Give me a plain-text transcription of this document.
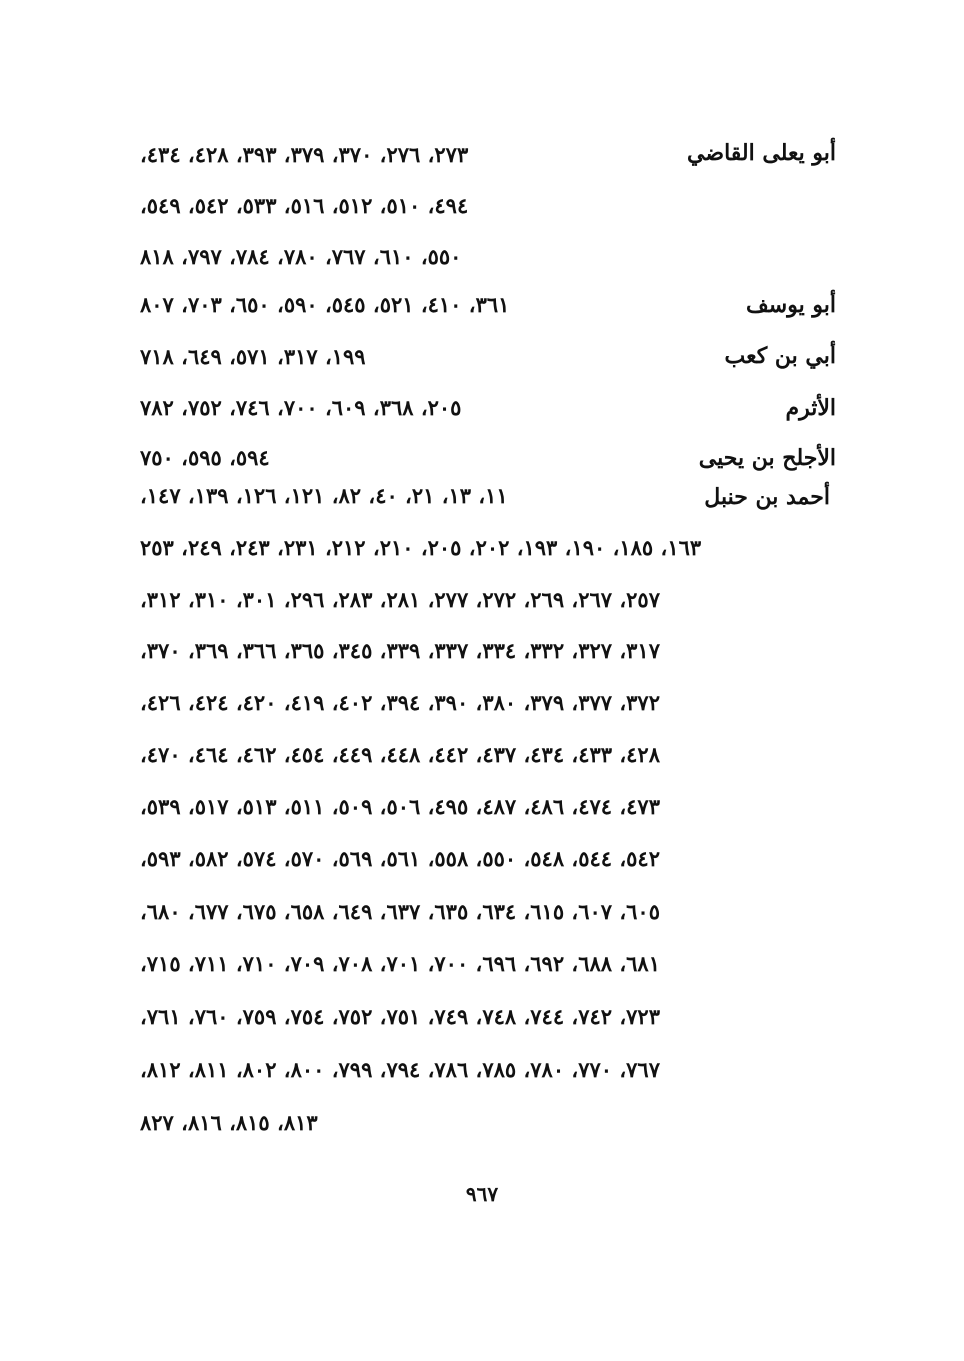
أبو يعلى القاضي
٢٧٣، ٢٧٦، ٣٧٠، ٣٧٩، ٣٩٣، ٤٢٨، ٤٣٤،
٤٩٤، ٥١٠، ٥١٢، ٥١٦، ٥٣٣، ٥٤٢، ٥٤٩،
٥٥٠، ٦١٠، ٧٦٧، ٧٨٠، ٧٨٤، ٧٩٧، ٨١٨
أبو يوسف
٣٦١، ٤١٠، ٥٢١، ٥٤٥، ٥٩٠، ٦٥٠، ٧٠٣، ٨٠٧
أبي بن كعب
١٩٩، ٣١٧، ٥٧١، ٦٤٩، ٧١٨
الأثرم
٢٠٥، ٣٦٨، ٦٠٩، ٧٠٠، ٧٤٦، ٧٥٢، ٧٨٢
الأجلح بن يحيى
٥٩٤، ٥٩٥، ٧٥٠
أحمد بن حنبل
١١، ١٣، ٢١، ٤٠، ٨٢، ١٢١، ١٢٦، ١٣٩، ١٤٧،
١٦٣، ١٨٥، ١٩٠، ١٩٣، ٢٠٢، ٢٠٥، ٢١٠، ٢١٢، ٢٣١، ٢٤٣، ٢٤٩، ٢٥٣
٢٥٧، ٢٦٧، ٢٦٩، ٢٧٢، ٢٧٧، ٢٨١، ٢٨٣، ٢٩٦، ٣٠١، ٣١٠، ٣١٢،
٣١٧، ٣٢٧، ٣٣٢، ٣٣٤، ٣٣٧، ٣٣٩، ٣٤٥، ٣٦٥، ٣٦٦، ٣٦٩، ٣٧٠،
٣٧٢، ٣٧٧، ٣٧٩، ٣٨٠، ٣٩٠، ٣٩٤، ٤٠٢، ٤١٩، ٤٢٠، ٤٢٤، ٤٢٦،
٤٢٨، ٤٣٣، ٤٣٤، ٤٣٧، ٤٤٢، ٤٤٨، ٤٤٩، ٤٥٤، ٤٦٢، ٤٦٤، ٤٧٠،
٤٧٣، ٤٧٤، ٤٨٦، ٤٨٧، ٤٩٥، ٥٠٦، ٥٠٩، ٥١١، ٥١٣، ٥١٧، ٥٣٩،
٥٤٢، ٥٤٤، ٥٤٨، ٥٥٠، ٥٥٨، ٥٦١، ٥٦٩، ٥٧٠، ٥٧٤، ٥٨٢، ٥٩٣،
٦٠٥، ٦٠٧، ٦١٥، ٦٣٤، ٦٣٥، ٦٣٧، ٦٤٩، ٦٥٨، ٦٧٥، ٦٧٧، ٦٨٠،
٦٨١، ٦٨٨، ٦٩٢، ٦٩٦، ٧٠٠، ٧٠١، ٧٠٨، ٧٠٩، ٧١٠، ٧١١، ٧١٥،
٧٢٣، ٧٤٢، ٧٤٤، ٧٤٨، ٧٤٩، ٧٥١، ٧٥٢، ٧٥٤، ٧٥٩، ٧٦٠، ٧٦١،
٧٦٧، ٧٧٠، ٧٨٠، ٧٨٥، ٧٨٦، ٧٩٤، ٧٩٩، ٨٠٠، ٨٠٢، ٨١١، ٨١٢،
٨١٣، ٨١٥، ٨١٦، ٨٢٧
٩٦٧
